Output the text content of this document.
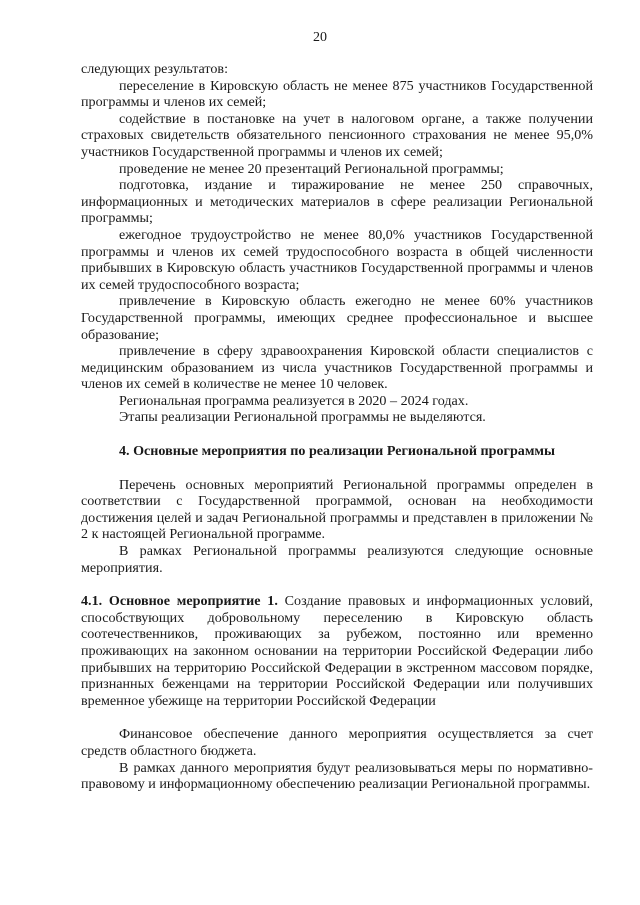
20

следующих результатов:

переселение в Кировскую область не менее 875 участников Государственной программы и членов их семей;

содействие в постановке на учет в налоговом органе, а также получении страховых свидетельств обязательного пенсионного страхования не менее 95,0% участников Государственной программы и членов их семей;

проведение не менее 20 презентаций Региональной программы;

подготовка, издание и тиражирование не менее 250 справочных, информационных и методических материалов в сфере реализации Региональной программы;

ежегодное трудоустройство не менее 80,0% участников Государственной программы и членов их семей трудоспособного возраста в общей численности прибывших в Кировскую область участников Государственной программы и членов их семей трудоспособного возраста;

привлечение в Кировскую область ежегодно не менее 60% участников Государственной программы, имеющих среднее профессиональное и высшее образование;

привлечение в сферу здравоохранения Кировской области специалистов с медицинским образованием из числа участников Государственной программы и членов их семей в количестве не менее 10 человек.

Региональная программа реализуется в 2020 – 2024 годах.

Этапы реализации Региональной программы не выделяются.

4. Основные мероприятия по реализации Региональной программы

Перечень основных мероприятий Региональной программы определен в соответствии с Государственной программой, основан на необходимости достижения целей и задач Региональной программы и представлен в приложении № 2 к настоящей Региональной программе.

В рамках Региональной программы реализуются следующие основные мероприятия.

4.1. Основное мероприятие 1. Создание правовых и информационных условий, способствующих добровольному переселению в Кировскую область соотечественников, проживающих за рубежом, постоянно или временно проживающих на законном основании на территории Российской Федерации либо прибывших на территорию Российской Федерации в экстренном массовом порядке, признанных беженцами на территории Российской Федерации или получивших временное убежище на территории Российской Федерации

Финансовое обеспечение данного мероприятия осуществляется за счет средств областного бюджета.

В рамках данного мероприятия будут реализовываться меры по нормативно-правовому и информационному обеспечению реализации Региональной программы.
